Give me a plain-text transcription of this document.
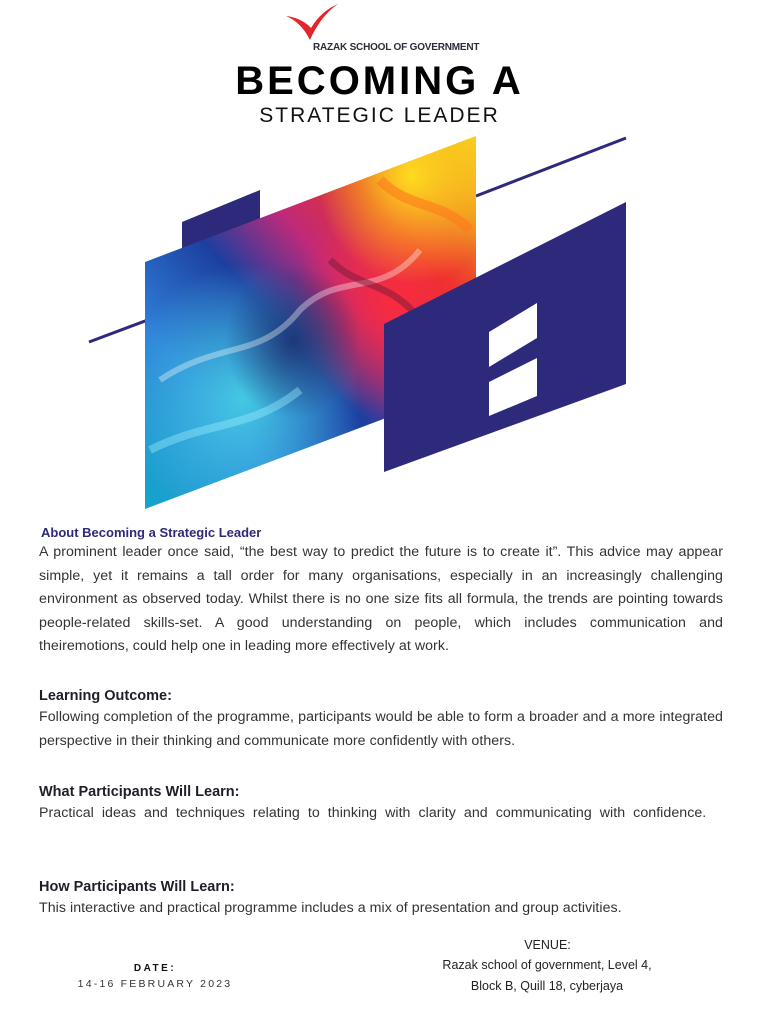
RAZAK SCHOOL OF GOVERNMENT
BECOMING A
STRATEGIC LEADER
About Becoming a Strategic Leader
A prominent leader once said, “the best way to predict the future is to create it”. This advice may appear simple, yet it remains a tall order for many organisations, especially in an increasingly challenging environment as observed today. Whilst there is no one size fits all formula, the trends are pointing towards people-related skills-set. A good understanding on people, which includes communication and theiremotions, could help one in leading more effectively at work.
Learning Outcome:
Following completion of the programme, participants would be able to form a broader and a more integrated perspective in their thinking and communicate more confidently with others.
What Participants Will Learn:
Practical ideas and techniques relating to thinking with clarity and communicating with confidence.
How Participants Will Learn:
This interactive and practical programme includes a mix of presentation and group activities.
DATE:
14-16 FEBRUARY 2023
VENUE:
Razak school of government, Level 4, Block B, Quill 18, cyberjaya
